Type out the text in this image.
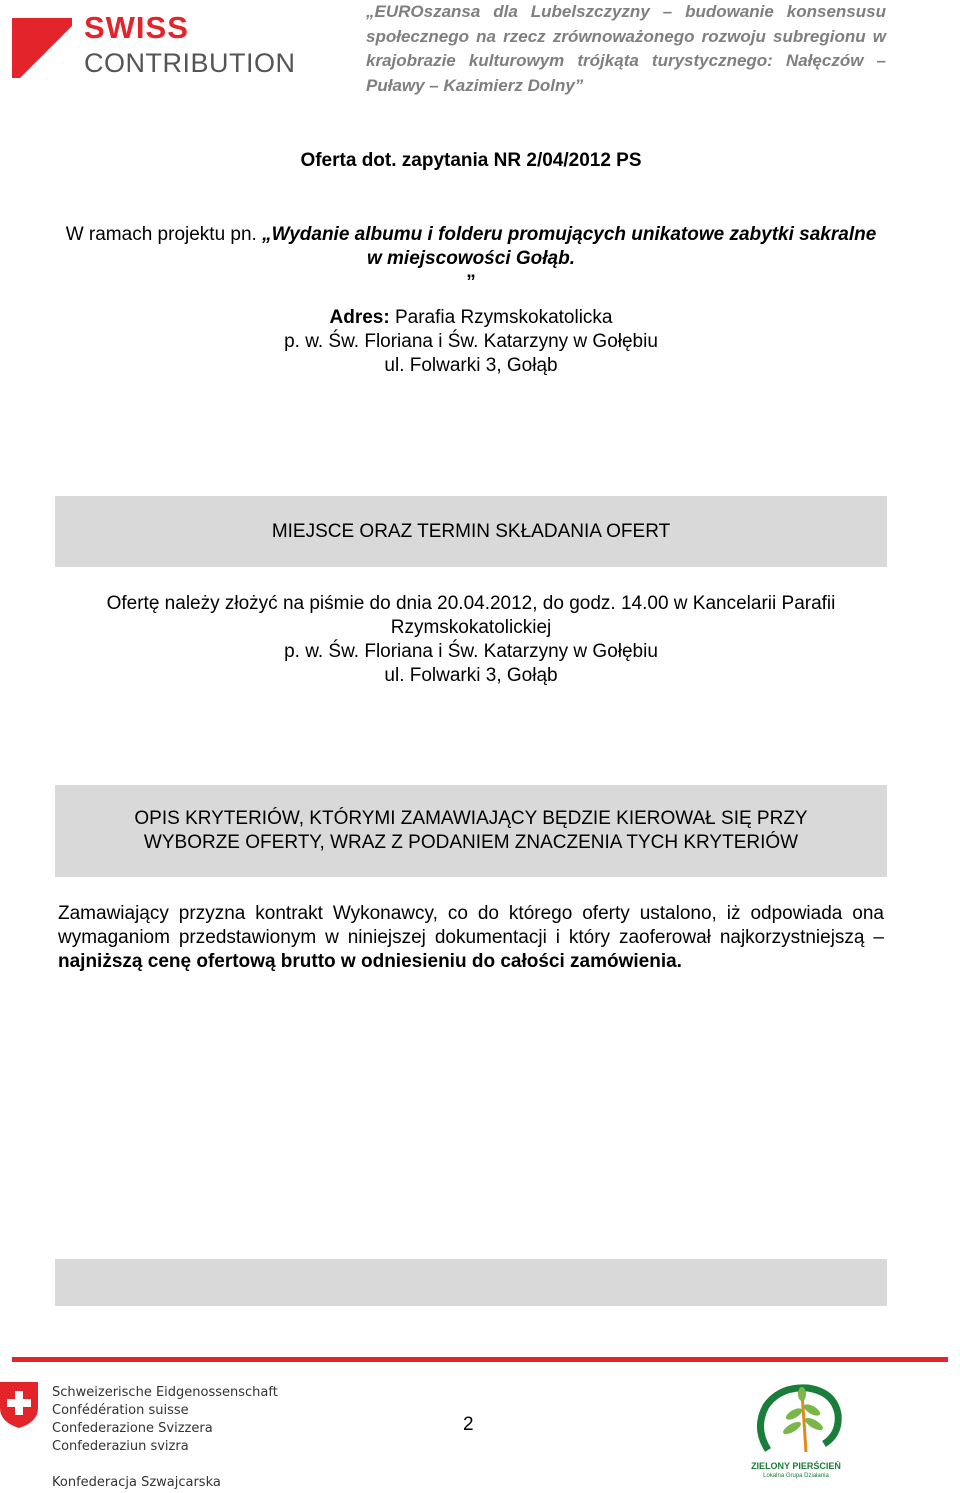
SWISS
CONTRIBUTION
„EUROszansa dla Lubelszczyzny – budowanie konsensusu społecznego na rzecz zrównoważonego rozwoju subregionu w krajobrazie kulturowym trójkąta turystycznego: Nałęczów – Puławy – Kazimierz Dolny”
Oferta dot. zapytania NR 2/04/2012 PS
W ramach projektu pn. „Wydanie albumu i folderu promujących unikatowe zabytki sakralne w miejscowości Gołąb.
”
Adres: Parafia Rzymskokatolicka
p. w. Św. Floriana i Św. Katarzyny w Gołębiu
ul. Folwarki 3, Gołąb
MIEJSCE ORAZ TERMIN SKŁADANIA OFERT
Ofertę należy złożyć na piśmie do dnia 20.04.2012, do godz. 14.00 w Kancelarii Parafii
Rzymskokatolickiej
p. w. Św. Floriana i Św. Katarzyny w Gołębiu
ul. Folwarki 3, Gołąb
OPIS KRYTERIÓW, KTÓRYMI ZAMAWIAJĄCY BĘDZIE KIEROWAŁ SIĘ PRZY
WYBORZE OFERTY, WRAZ Z PODANIEM ZNACZENIA TYCH KRYTERIÓW
Zamawiający przyzna kontrakt Wykonawcy, co do którego oferty ustalono, iż odpowiada ona wymaganiom przedstawionym w niniejszej dokumentacji i który zaoferował najkorzystniejszą – najniższą cenę ofertową brutto w odniesieniu do całości zamówienia.
Schweizerische Eidgenossenschaft
Confédération suisse
Confederazione Svizzera
Confederaziun svizra
Konfederacja Szwajcarska
2
ZIELONY PIERŚCIEŃ
Lokalna Grupa Działania
